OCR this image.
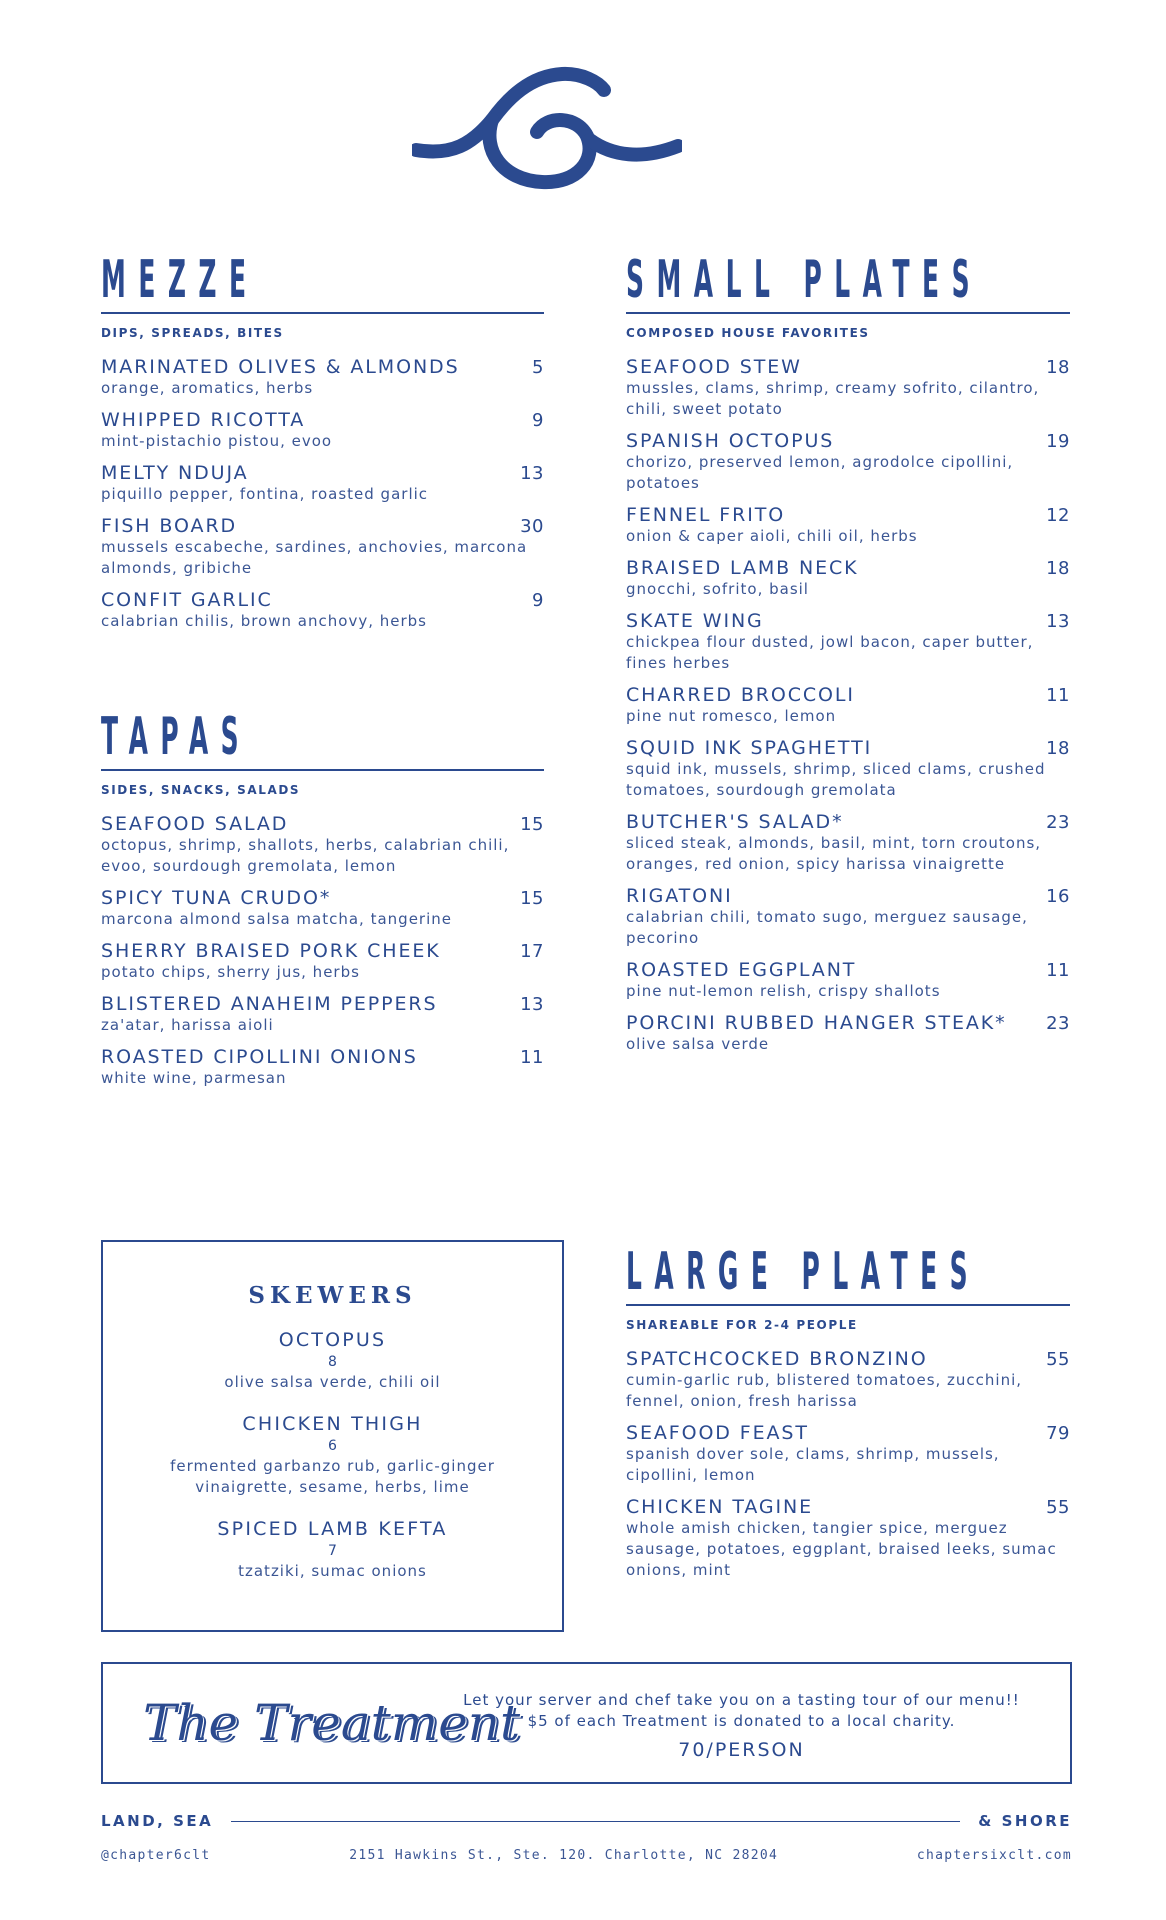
MEZZE
DIPS, SPREADS, BITES
MARINATED OLIVES & ALMONDS	5
orange, aromatics, herbs
WHIPPED RICOTTA	9
mint-pistachio pistou, evoo
MELTY NDUJA	13
piquillo pepper, fontina, roasted garlic
FISH BOARD	30
mussels escabeche, sardines, anchovies, marcona almonds, gribiche
CONFIT GARLIC	9
calabrian chilis, brown anchovy, herbs
TAPAS
SIDES, SNACKS, SALADS
SEAFOOD SALAD	15
octopus, shrimp, shallots, herbs, calabrian chili, evoo, sourdough gremolata, lemon
SPICY TUNA CRUDO*	15
marcona almond salsa matcha, tangerine
SHERRY BRAISED PORK CHEEK	17
potato chips, sherry jus, herbs
BLISTERED ANAHEIM PEPPERS	13
za'atar, harissa aioli
ROASTED CIPOLLINI ONIONS	11
white wine, parmesan
SMALL PLATES
COMPOSED HOUSE FAVORITES
SEAFOOD STEW	18
mussles, clams, shrimp, creamy sofrito, cilantro, chili, sweet potato
SPANISH OCTOPUS	19
chorizo, preserved lemon, agrodolce cipollini, potatoes
FENNEL FRITO	12
onion & caper aioli, chili oil, herbs
BRAISED LAMB NECK	18
gnocchi, sofrito, basil
SKATE WING	13
chickpea flour dusted, jowl bacon, caper butter, fines herbes
CHARRED BROCCOLI	11
pine nut romesco, lemon
SQUID INK SPAGHETTI	18
squid ink, mussels, shrimp, sliced clams, crushed tomatoes, sourdough gremolata
BUTCHER'S SALAD*	23
sliced steak, almonds, basil, mint, torn croutons, oranges, red onion, spicy harissa vinaigrette
RIGATONI	16
calabrian chili, tomato sugo, merguez sausage, pecorino
ROASTED EGGPLANT	11
pine nut-lemon relish, crispy shallots
PORCINI RUBBED HANGER STEAK* 23
olive salsa verde
SKEWERS
OCTOPUS
8
olive salsa verde, chili oil
CHICKEN THIGH
6
fermented garbanzo rub, garlic-ginger vinaigrette, sesame, herbs, lime
SPICED LAMB KEFTA
7
tzatziki, sumac onions
LARGE PLATES
SHAREABLE FOR 2-4 PEOPLE
SPATCHCOCKED BRONZINO	55
cumin-garlic rub, blistered tomatoes, zucchini, fennel, onion, fresh harissa
SEAFOOD FEAST	79
spanish dover sole, clams, shrimp, mussels, cipollini, lemon
CHICKEN TAGINE	55
whole amish chicken, tangier spice, merguez sausage, potatoes, eggplant, braised leeks, sumac onions, mint
The Treatment
Let your server and chef take you on a tasting tour of our menu!!
$5 of each Treatment is donated to a local charity.
70/PERSON
LAND, SEA	& SHORE
@chapter6clt	2151 Hawkins St., Ste. 120. Charlotte, NC 28204	chaptersixclt.com
